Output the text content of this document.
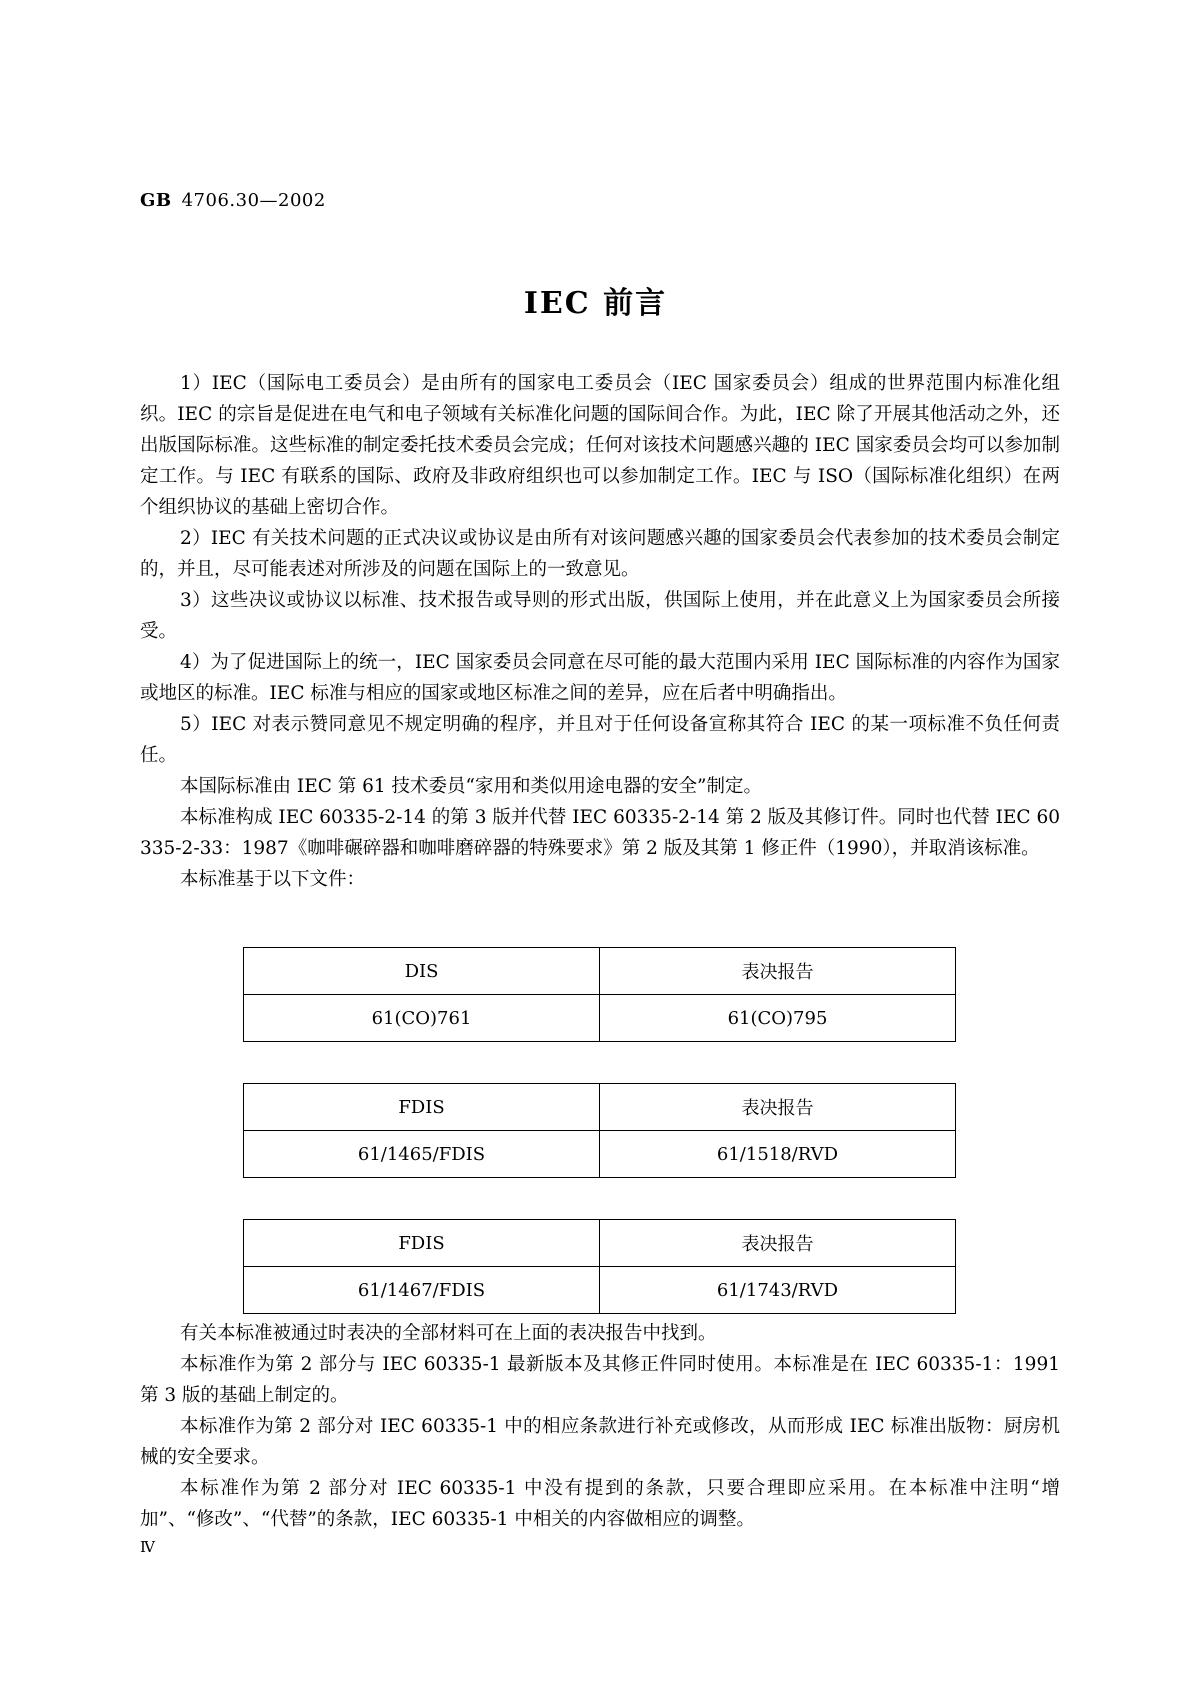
GB 4706.30—2002
IEC 前言

1）IEC（国际电工委员会）是由所有的国家电工委员会（IEC 国家委员会）组成的世界范围内标准化组织。IEC 的宗旨是促进在电气和电子领域有关标准化问题的国际间合作。为此，IEC 除了开展其他活动之外，还出版国际标准。这些标准的制定委托技术委员会完成；任何对该技术问题感兴趣的 IEC 国家委员会均可以参加制定工作。与 IEC 有联系的国际、政府及非政府组织也可以参加制定工作。IEC 与 ISO（国际标准化组织）在两个组织协议的基础上密切合作。

2）IEC 有关技术问题的正式决议或协议是由所有对该问题感兴趣的国家委员会代表参加的技术委员会制定的，并且，尽可能表述对所涉及的问题在国际上的一致意见。

3）这些决议或协议以标准、技术报告或导则的形式出版，供国际上使用，并在此意义上为国家委员会所接受。

4）为了促进国际上的统一，IEC 国家委员会同意在尽可能的最大范围内采用 IEC 国际标准的内容作为国家或地区的标准。IEC 标准与相应的国家或地区标准之间的差异，应在后者中明确指出。

5）IEC 对表示赞同意见不规定明确的程序，并且对于任何设备宣称其符合 IEC 的某一项标准不负任何责任。

本国际标准由 IEC 第 61 技术委员“家用和类似用途电器的安全”制定。

本标准构成 IEC 60335-2-14 的第 3 版并代替 IEC 60335-2-14 第 2 版及其修订件。同时也代替 IEC 60335-2-33：1987《咖啡碾碎器和咖啡磨碎器的特殊要求》第 2 版及其第 1 修正件（1990），并取消该标准。

本标准基于以下文件：

DIS	表决报告
61(CO)761	61(CO)795
FDIS	表决报告
61/1465/FDIS	61/1518/RVD
FDIS	表决报告
61/1467/FDIS	61/1743/RVD

有关本标准被通过时表决的全部材料可在上面的表决报告中找到。

本标准作为第 2 部分与 IEC 60335-1 最新版本及其修正件同时使用。本标准是在 IEC 60335-1：1991 第 3 版的基础上制定的。

本标准作为第 2 部分对 IEC 60335-1 中的相应条款进行补充或修改，从而形成 IEC 标准出版物：厨房机械的安全要求。

本标准作为第 2 部分对 IEC 60335-1 中没有提到的条款，只要合理即应采用。在本标准中注明“增加”、“修改”、“代替”的条款，IEC 60335-1 中相关的内容做相应的调整。

Ⅳ
